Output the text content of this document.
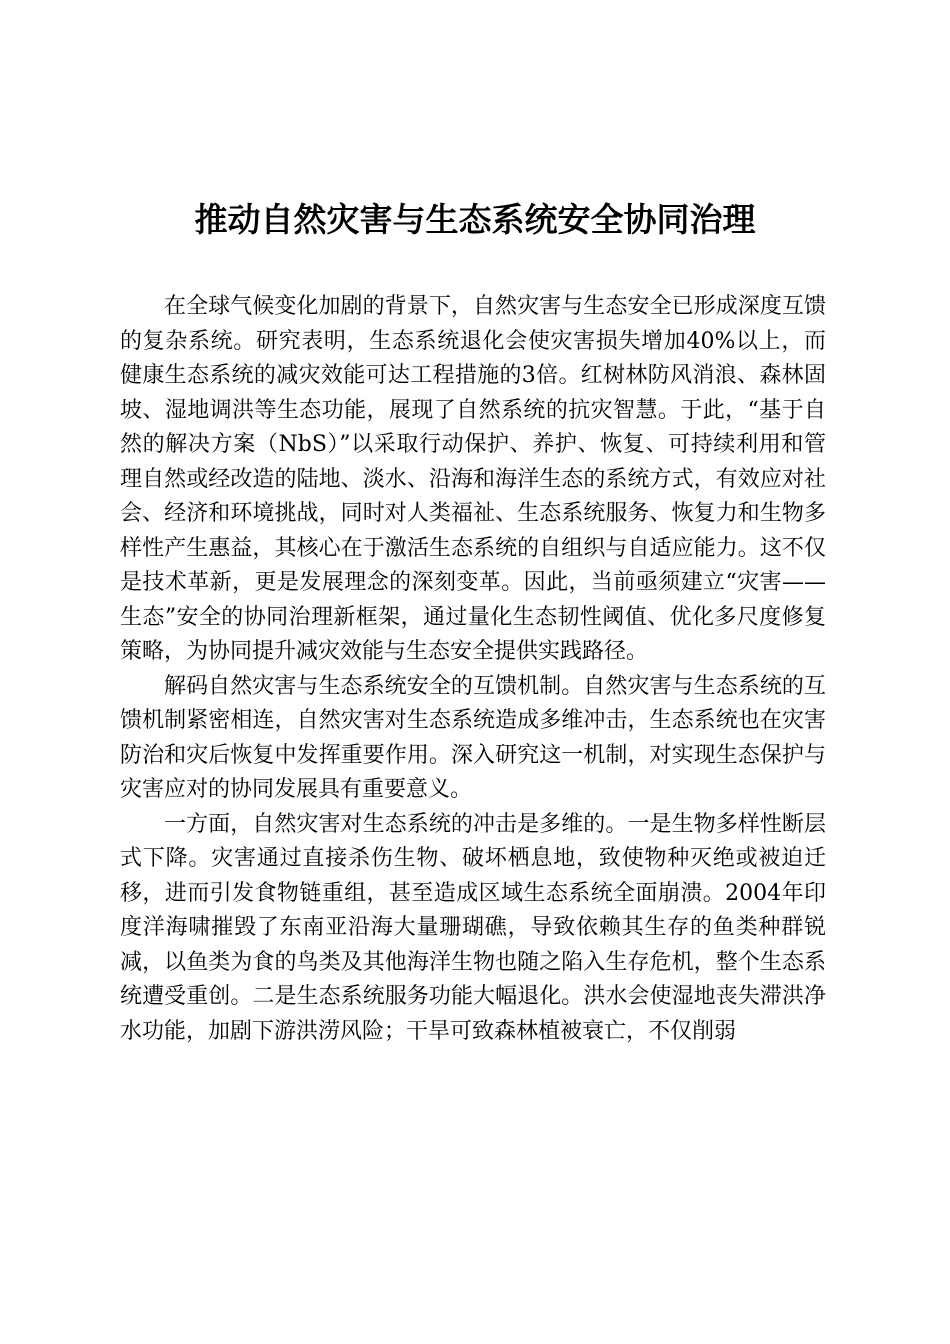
推动自然灾害与生态系统安全协同治理

在全球气候变化加剧的背景下，自然灾害与生态安全已形成深度互馈的复杂系统。研究表明，生态系统退化会使灾害损失增加40%以上，而健康生态系统的减灾效能可达工程措施的3倍。红树林防风消浪、森林固坡、湿地调洪等生态功能，展现了自然系统的抗灾智慧。于此，“基于自然的解决方案（NbS）”以采取行动保护、养护、恢复、可持续利用和管理自然或经改造的陆地、淡水、沿海和海洋生态的系统方式，有效应对社会、经济和环境挑战，同时对人类福祉、生态系统服务、恢复力和生物多样性产生惠益，其核心在于激活生态系统的自组织与自适应能力。这不仅是技术革新，更是发展理念的深刻变革。因此，当前亟须建立“灾害——生态”安全的协同治理新框架，通过量化生态韧性阈值、优化多尺度修复策略，为协同提升减灾效能与生态安全提供实践路径。

解码自然灾害与生态系统安全的互馈机制。自然灾害与生态系统的互馈机制紧密相连，自然灾害对生态系统造成多维冲击，生态系统也在灾害防治和灾后恢复中发挥重要作用。深入研究这一机制，对实现生态保护与灾害应对的协同发展具有重要意义。

一方面，自然灾害对生态系统的冲击是多维的。一是生物多样性断层式下降。灾害通过直接杀伤生物、破坏栖息地，致使物种灭绝或被迫迁移，进而引发食物链重组，甚至造成区域生态系统全面崩溃。2004年印度洋海啸摧毁了东南亚沿海大量珊瑚礁，导致依赖其生存的鱼类种群锐减，以鱼类为食的鸟类及其他海洋生物也随之陷入生存危机，整个生态系统遭受重创。二是生态系统服务功能大幅退化。洪水会使湿地丧失滞洪净水功能，加剧下游洪涝风险；干旱可致森林植被衰亡，不仅削弱
